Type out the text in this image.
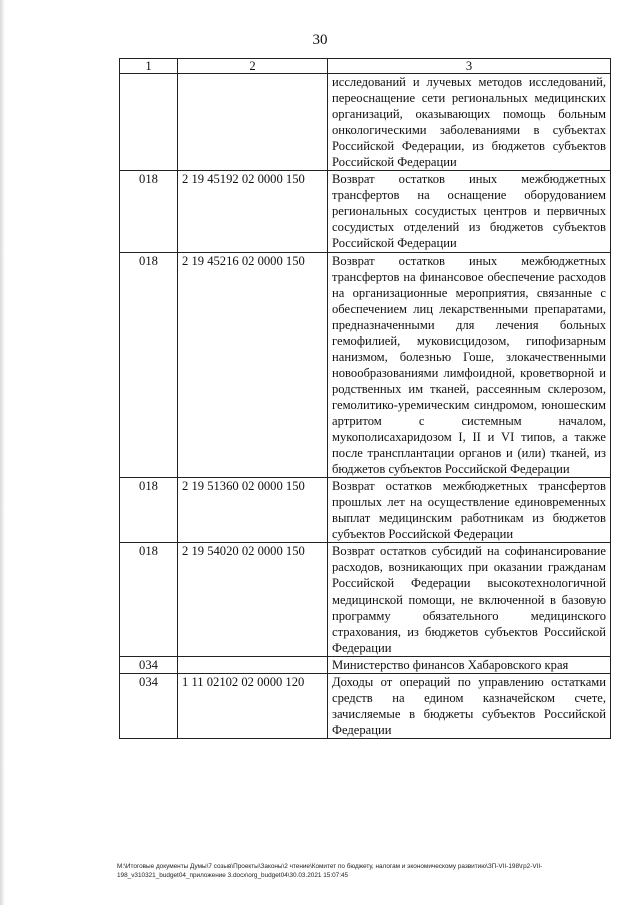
30
1	2	3
		исследований и лучевых методов исследований, переоснащение сети региональных медицинских организаций, оказывающих помощь больным онкологическими заболеваниями в субъектах Российской Федерации, из бюджетов субъектов Российской Федерации
018	2 19 45192 02 0000 150	Возврат остатков иных межбюджетных трансфертов на оснащение оборудованием региональных сосудистых центров и первичных сосудистых отделений из бюджетов субъектов Российской Федерации
018	2 19 45216 02 0000 150	Возврат остатков иных межбюджетных трансфертов на финансовое обеспечение расходов на организационные мероприятия, связанные с обеспечением лиц лекарственными препаратами, предназначенными для лечения больных гемофилией, муковисцидозом, гипофизарным нанизмом, болезнью Гоше, злокачественными новообразованиями лимфоидной, кроветворной и родственных им тканей, рассеянным склерозом, гемолитико-уремическим синдромом, юношеским артритом с системным началом, мукополисахаридозом I, II и VI типов, а также после трансплантации органов и (или) тканей, из бюджетов субъектов Российской Федерации
018	2 19 51360 02 0000 150	Возврат остатков межбюджетных трансфертов прошлых лет на осуществление единовременных выплат медицинским работникам из бюджетов субъектов Российской Федерации
018	2 19 54020 02 0000 150	Возврат остатков субсидий на софинансирование расходов, возникающих при оказании гражданам Российской Федерации высокотехнологичной медицинской помощи, не включенной в базовую программу обязательного медицинского страхования, из бюджетов субъектов Российской Федерации
034		Министерство финансов Хабаровского края
034	1 11 02102 02 0000 120	Доходы от операций по управлению остатками средств на едином казначейском счете, зачисляемые в бюджеты субъектов Российской Федерации
M:\Итоговые документы Думы\7 созыв\Проекты\Законы\2 чтение\Комитет по бюджету, налогам и экономическому развитию\ЗП-VII-198\гр2-VII-
198_v310321_budget04_приложение 3.docx\org_budget04\30.03.2021 15:07:45
